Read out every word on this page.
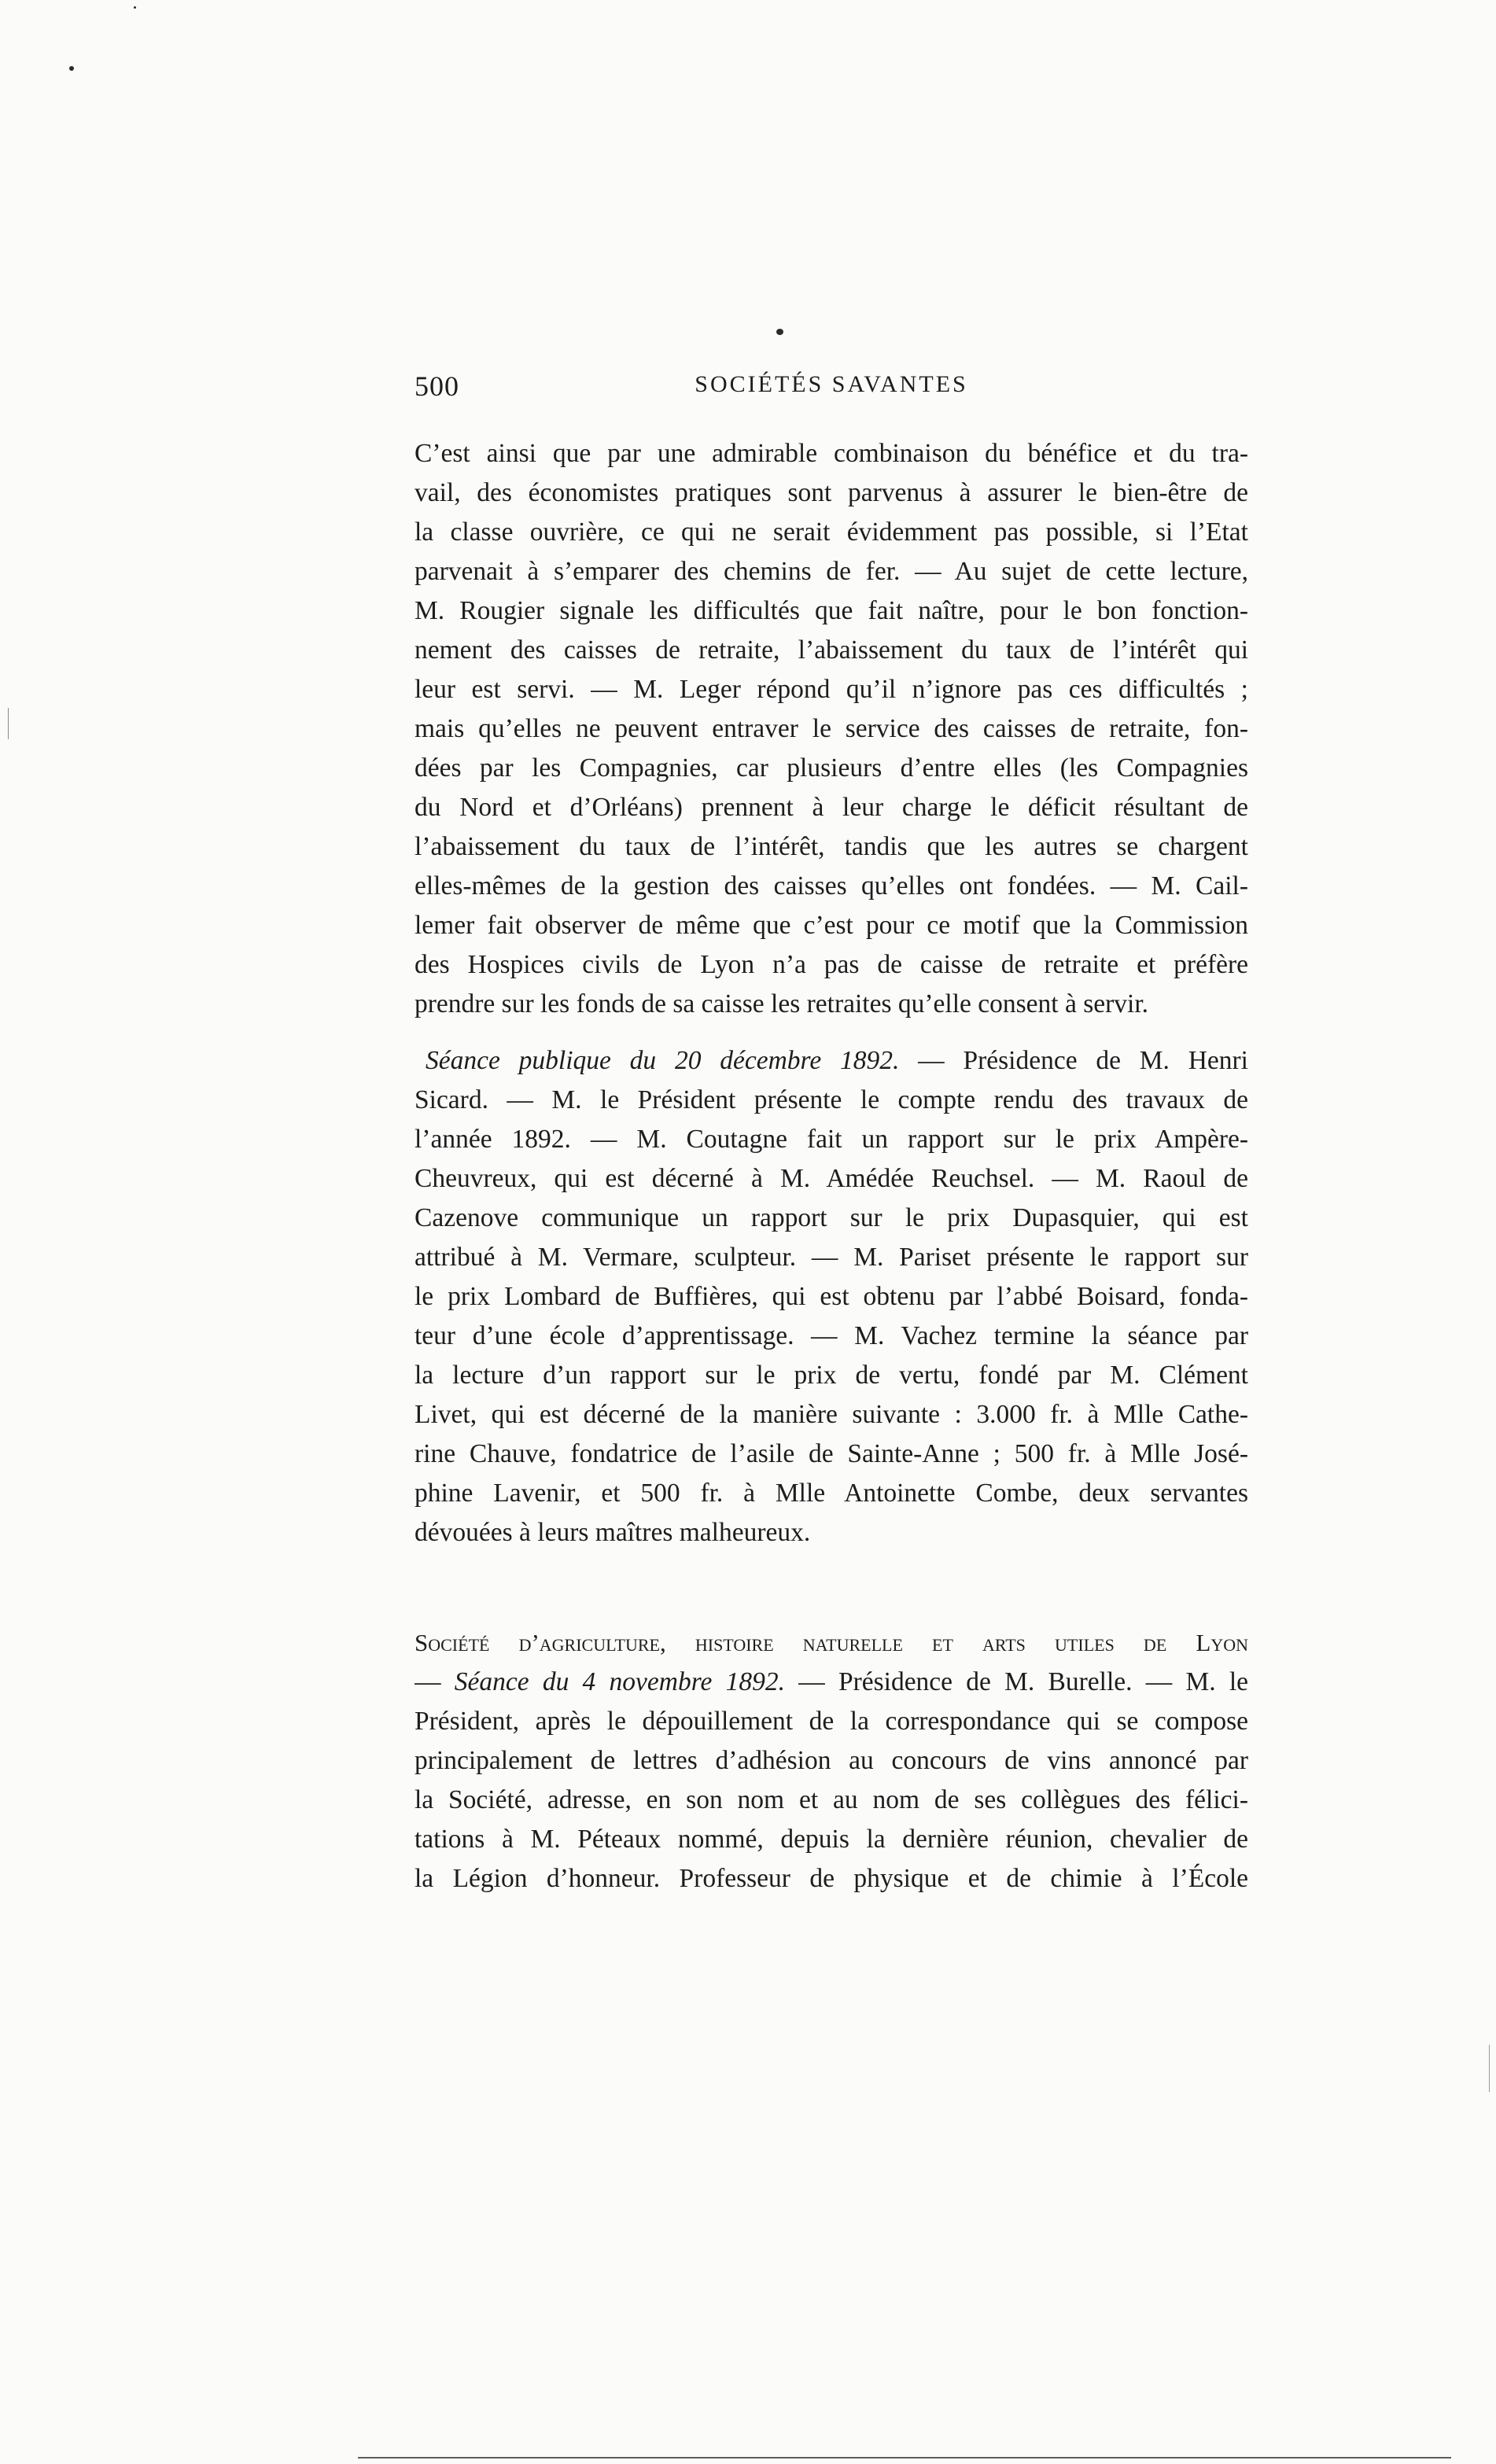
500	SOCIÉTÉS SAVANTES
C’est ainsi que par une admirable combinaison du bénéfice et du tra-
vail, des économistes pratiques sont parvenus à assurer le bien-être de
la classe ouvrière, ce qui ne serait évidemment pas possible, si l’Etat
parvenait à s’emparer des chemins de fer. — Au sujet de cette lecture,
M. Rougier signale les difficultés que fait naître, pour le bon fonction-
nement des caisses de retraite, l’abaissement du taux de l’intérêt qui
leur est servi. — M. Leger répond qu’il n’ignore pas ces difficultés ;
mais qu’elles ne peuvent entraver le service des caisses de retraite, fon-
dées par les Compagnies, car plusieurs d’entre elles (les Compagnies
du Nord et d’Orléans) prennent à leur charge le déficit résultant de
l’abaissement du taux de l’intérêt, tandis que les autres se chargent
elles-mêmes de la gestion des caisses qu’elles ont fondées. — M. Cail-
lemer fait observer de même que c’est pour ce motif que la Commission
des Hospices civils de Lyon n’a pas de caisse de retraite et préfère
prendre sur les fonds de sa caisse les retraites qu’elle consent à servir.
Séance publique du 20 décembre 1892. — Présidence de M. Henri
Sicard. — M. le Président présente le compte rendu des travaux de
l’année 1892. — M. Coutagne fait un rapport sur le prix Ampère-
Cheuvreux, qui est décerné à M. Amédée Reuchsel. — M. Raoul de
Cazenove communique un rapport sur le prix Dupasquier, qui est
attribué à M. Vermare, sculpteur. — M. Pariset présente le rapport sur
le prix Lombard de Buffières, qui est obtenu par l’abbé Boisard, fonda-
teur d’une école d’apprentissage. — M. Vachez termine la séance par
la lecture d’un rapport sur le prix de vertu, fondé par M. Clément
Livet, qui est décerné de la manière suivante : 3.000 fr. à Mlle Cathe-
rine Chauve, fondatrice de l’asile de Sainte-Anne ; 500 fr. à Mlle José-
phine Lavenir, et 500 fr. à Mlle Antoinette Combe, deux servantes
dévouées à leurs maîtres malheureux.
Société d’agriculture, histoire naturelle et arts utiles de Lyon
— Séance du 4 novembre 1892. — Présidence de M. Burelle. — M. le
Président, après le dépouillement de la correspondance qui se compose
principalement de lettres d’adhésion au concours de vins annoncé par
la Société, adresse, en son nom et au nom de ses collègues des félici-
tations à M. Péteaux nommé, depuis la dernière réunion, chevalier de
la Légion d’honneur. Professeur de physique et de chimie à l’École
